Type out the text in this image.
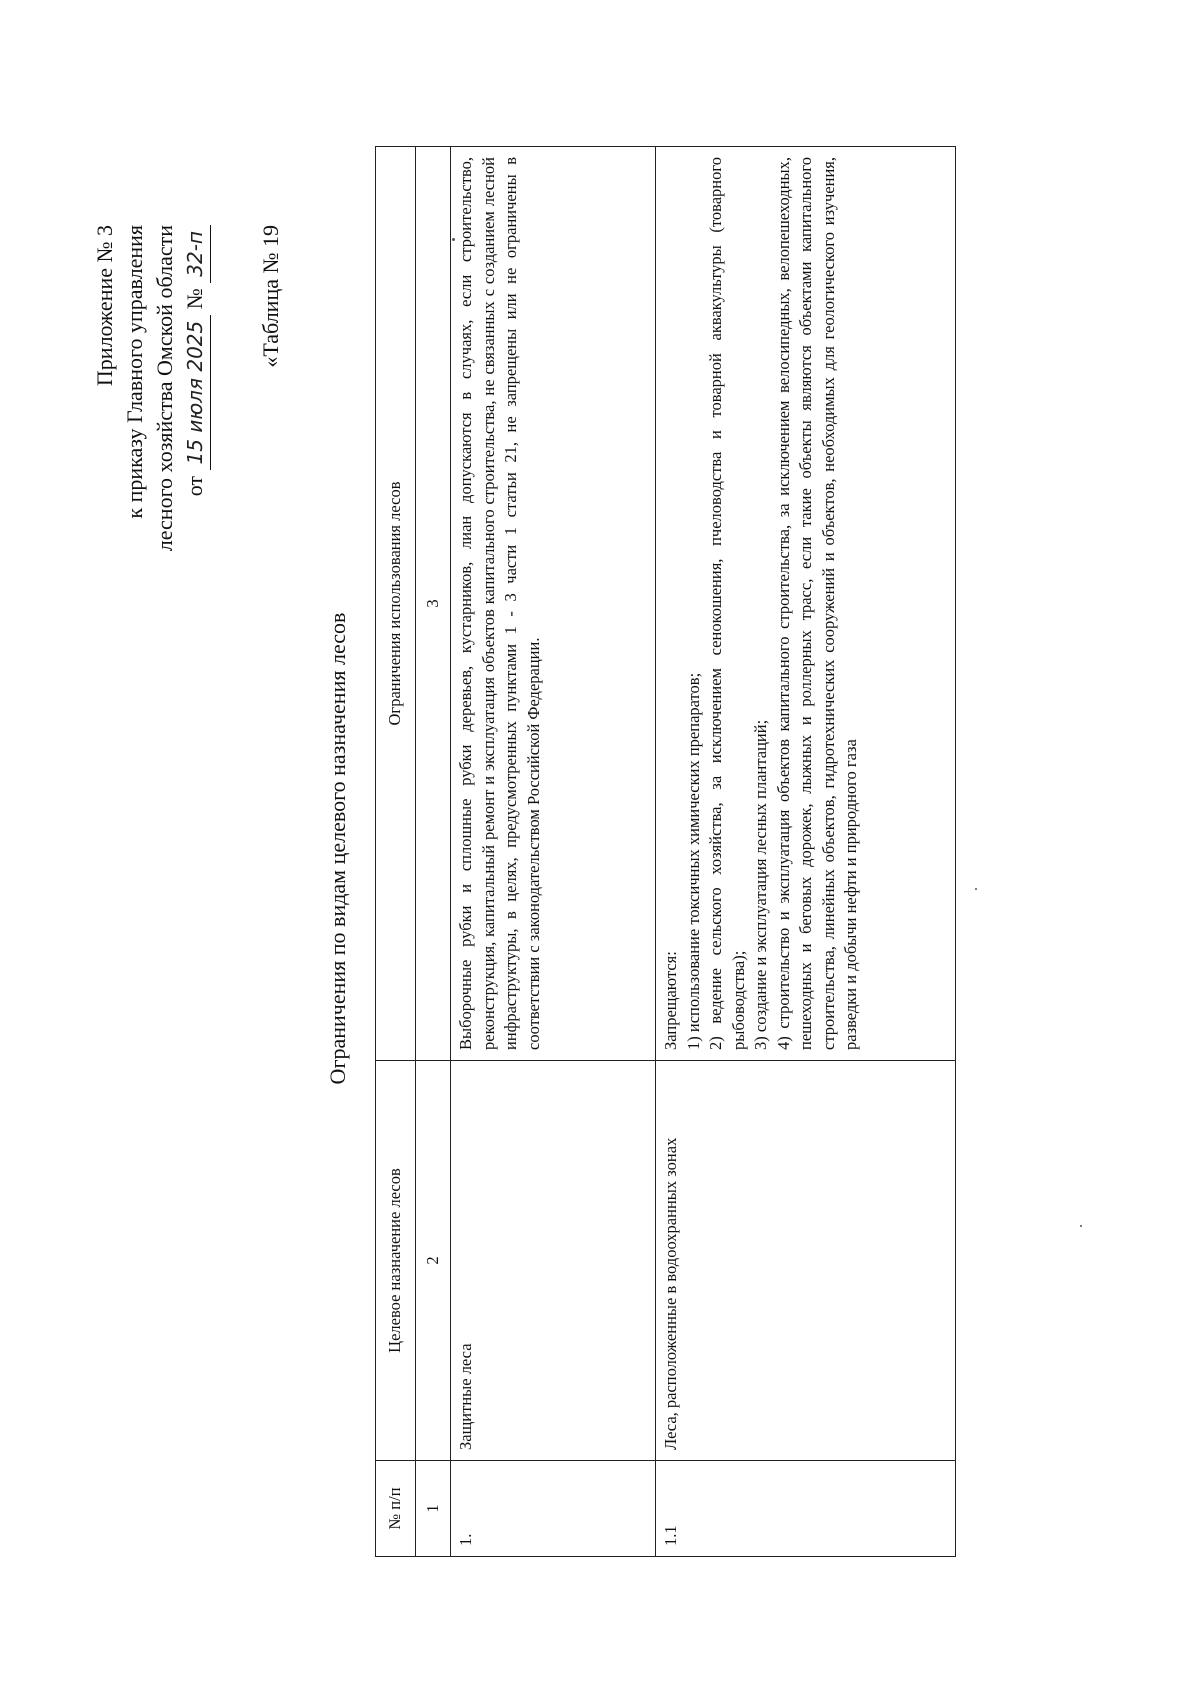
Приложение № 3 к приказу Главного управления лесного хозяйства Омской области от 15 июля 2025 № 32-п «Таблица № 19
Ограничения по видам целевого назначения лесов
№ п/п	Целевое назначение лесов	Ограничения использования лесов
1	2	3
1.	Защитные леса	Выборочные рубки и сплошные рубки деревьев, кустарников, лиан допускаются в случаях, если строительство, реконструкция, капитальный ремонт и эксплуатация объектов капитального строительства, не связанных с созданием лесной инфраструктуры, в целях, предусмотренных пунктами 1 - 3 части 1 статьи 21, не запрещены или не ограничены в соответствии с законодательством Российской Федерации.
1.1	Леса, расположенные в водоохранных зонах	Запрещаются: 1) использование токсичных химических препаратов; 2) ведение сельского хозяйства, за исключением сенокошения, пчеловодства и товарной аквакультуры (товарного рыбоводства); 3) создание и эксплуатация лесных плантаций; 4) строительство и эксплуатация объектов капитального строительства, за исключением велосипедных, велопешеходных, пешеходных и беговых дорожек, лыжных и роллерных трасс, если такие объекты являются объектами капитального строительства, линейных объектов, гидротехнических сооружений и объектов, необходимых для геологического изучения, разведки и добычи нефти и природного газа
